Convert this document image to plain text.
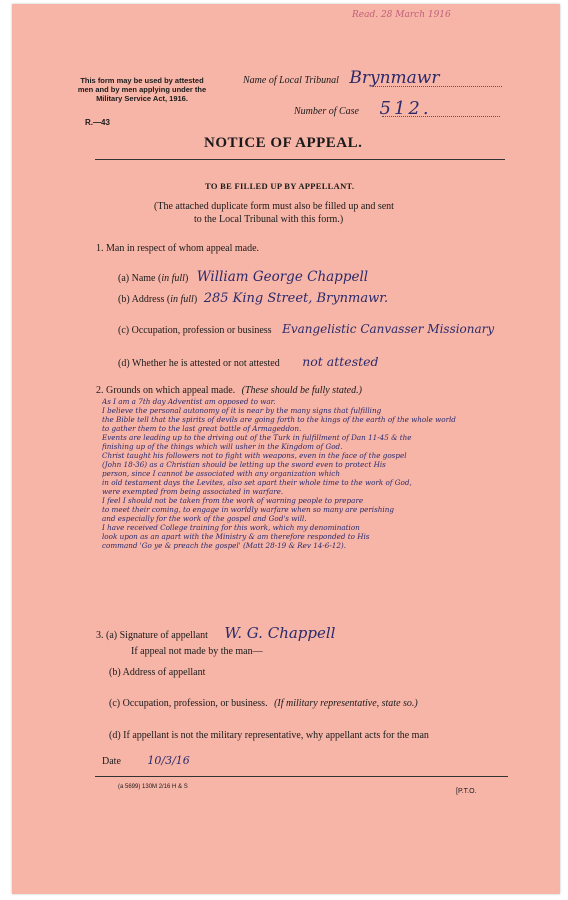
Read. 28 March 1916
This form may be used by attested men and by men applying under the Military Service Act, 1916.
Name of Local Tribunal Brynmawr
Number of Case 512.
R.—43
NOTICE OF APPEAL.
TO BE FILLED UP BY APPELLANT.
(The attached duplicate form must also be filled up and sent
to the Local Tribunal with this form.)
1. Man in respect of whom appeal made.
(a) Name (in full) William George Chappell
(b) Address (in full) 285 King Street, Brynmawr.
(c) Occupation, profession or business Evangelistic Canvasser Missionary
(d) Whether he is attested or not attested not attested
2. Grounds on which appeal made. (These should be fully stated.)
As I am a 7th day Adventist am opposed to war.
I believe the personal autonomy of it is near by the many signs that fulfilling
the Bible tell that the spirits of devils are going forth to the kings of the earth of the whole world
to gather them to the last great battle of Armageddon.
Events are leading up to the driving out of the Turk in fulfillment of Dan 11-45 & the
finishing up of the things which will usher in the Kingdom of God.
Christ taught his followers not to fight with weapons, even in the face of the gospel
(John 18-36) as a Christian should be letting up the sword even to protect His
person, since I cannot be associated with any organization which
in old testament days the Levites, also set apart their whole time to the work of God,
were exempted from being associated in warfare.
I feel I should not be taken from the work of warning people to prepare
to meet their coming, to engage in worldly warfare when so many are perishing
and especially for the work of the gospel and God's will.
I have received College training for this work, which my denomination
look upon as an apart with the Ministry & am therefore responded to His
command 'Go ye & preach the gospel' (Matt 28-19 & Rev 14-6-12).
3. (a) Signature of appellant W. G. Chappell
If appeal not made by the man—
(b) Address of appellant
(c) Occupation, profession, or business. (If military representative, state so.)
(d) If appellant is not the military representative, why appellant acts for the man
Date 10/3/16
(a 5699) 130M 2/16 H & S
[P.T.O.
